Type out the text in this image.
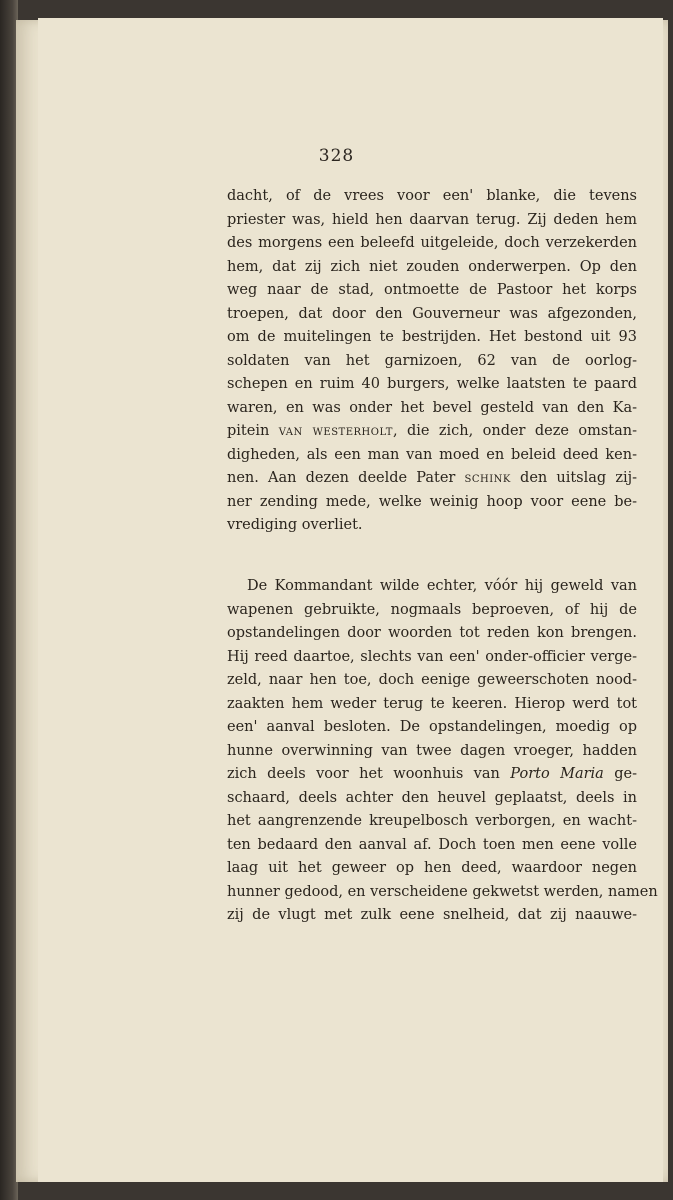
328
dacht, of de vrees voor een' blanke, die tevens
priester was, hield hen daarvan terug. Zij deden hem
des morgens een beleefd uitgeleide, doch verzekerden
hem, dat zij zich niet zouden onderwerpen. Op den
weg naar de stad, ontmoette de Pastoor het korps
troepen, dat door den Gouverneur was afgezonden,
om de muitelingen te bestrijden. Het bestond uit 93
soldaten van het garnizoen, 62 van de oorlog-
schepen en ruim 40 burgers, welke laatsten te paard
waren, en was onder het bevel gesteld van den Ka-
pitein van westerholt, die zich, onder deze omstan-
digheden, als een man van moed en beleid deed ken-
nen. Aan dezen deelde Pater schink den uitslag zij-
ner zending mede, welke weinig hoop voor eene be-
vrediging overliet.
De Kommandant wilde echter, vóór hij geweld van
wapenen gebruikte, nogmaals beproeven, of hij de
opstandelingen door woorden tot reden kon brengen.
Hij reed daartoe, slechts van een' onder-officier verge-
zeld, naar hen toe, doch eenige geweerschoten nood-
zaakten hem weder terug te keeren. Hierop werd tot
een' aanval besloten. De opstandelingen, moedig op
hunne overwinning van twee dagen vroeger, hadden
zich deels voor het woonhuis van Porto Maria ge-
schaard, deels achter den heuvel geplaatst, deels in
het aangrenzende kreupelbosch verborgen, en wacht-
ten bedaard den aanval af. Doch toen men eene volle
laag uit het geweer op hen deed, waardoor negen
hunner gedood, en verscheidene gekwetst werden, namen
zij de vlugt met zulk eene snelheid, dat zij naauwe-
